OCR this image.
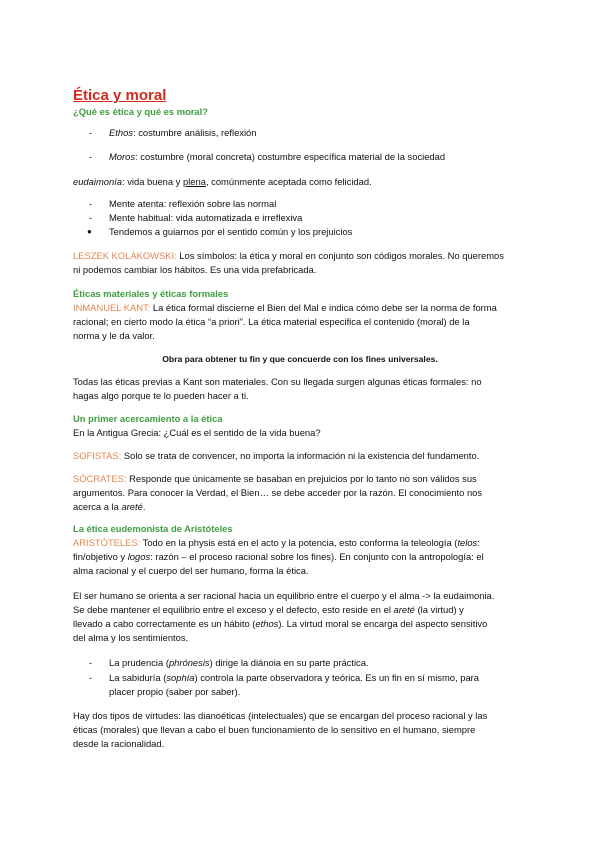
Ética y moral
¿Qué es ética y qué es moral?
- Ethos: costumbre análisis, reflexión
- Moros: costumbre (moral concreta) costumbre específica material de la sociedad
eudaimonía: vida buena y plena, comúnmente aceptada como felicidad.
- Mente atenta: reflexión sobre las normal
- Mente habitual: vida automatizada e irreflexiva
● Tendemos a guiarnos por el sentido común y los prejuicios
LESZEK KOLAKOWSKI: Los símbolos: la ética y moral en conjunto son códigos morales. No queremos
ni podemos cambiar los hábitos. Es una vida prefabricada.
Éticas materiales y éticas formales
INMANUEL KANT: La ética formal discierne el Bien del Mal e indica cómo debe ser la norma de forma
racional; en cierto modo la ética “a priori”. La ética material especifica el contenido (moral) de la
norma y le da valor.
Obra para obtener tu fin y que concuerde con los fines universales.
Todas las éticas previas a Kant son materiales. Con su llegada surgen algunas éticas formales: no
hagas algo porque te lo pueden hacer a ti.
Un primer acercamiento a la ética
En la Antigua Grecia: ¿Cuál es el sentido de la vida buena?
SOFISTAS: Solo se trata de convencer, no importa la información ni la existencia del fundamento.
SÓCRATES: Responde que únicamente se basaban en prejuicios por lo tanto no son válidos sus
argumentos. Para conocer la Verdad, el Bien… se debe acceder por la razón. El conocimiento nos
acerca a la areté.
La ética eudemonista de Aristóteles
ARISTÓTELES: Todo en la physis está en el acto y la potencia, esto conforma la teleología (telos:
fin/objetivo y logos: razón – el proceso racional sobre los fines). En conjunto con la antropología: el
alma racional y el cuerpo del ser humano, forma la ética.
El ser humano se orienta a ser racional hacia un equilibrio entre el cuerpo y el alma -> la eudaimonia.
Se debe mantener el equilibrio entre el exceso y el defecto, esto reside en el areté (la virtud) y
llevado a cabo correctamente es un hábito (ethos). La virtud moral se encarga del aspecto sensitivo
del alma y los sentimientos.
- La prudencia (phrónesis) dirige la diánoia en su parte práctica.
- La sabiduría (sophía) controla la parte observadora y teórica. Es un fin en sí mismo, para
placer propio (saber por saber).
Hay dos tipos de virtudes: las dianoéticas (intelectuales) que se encargan del proceso racional y las
éticas (morales) que llevan a cabo el buen funcionamiento de lo sensitivo en el humano, siempre
desde la racionalidad.
